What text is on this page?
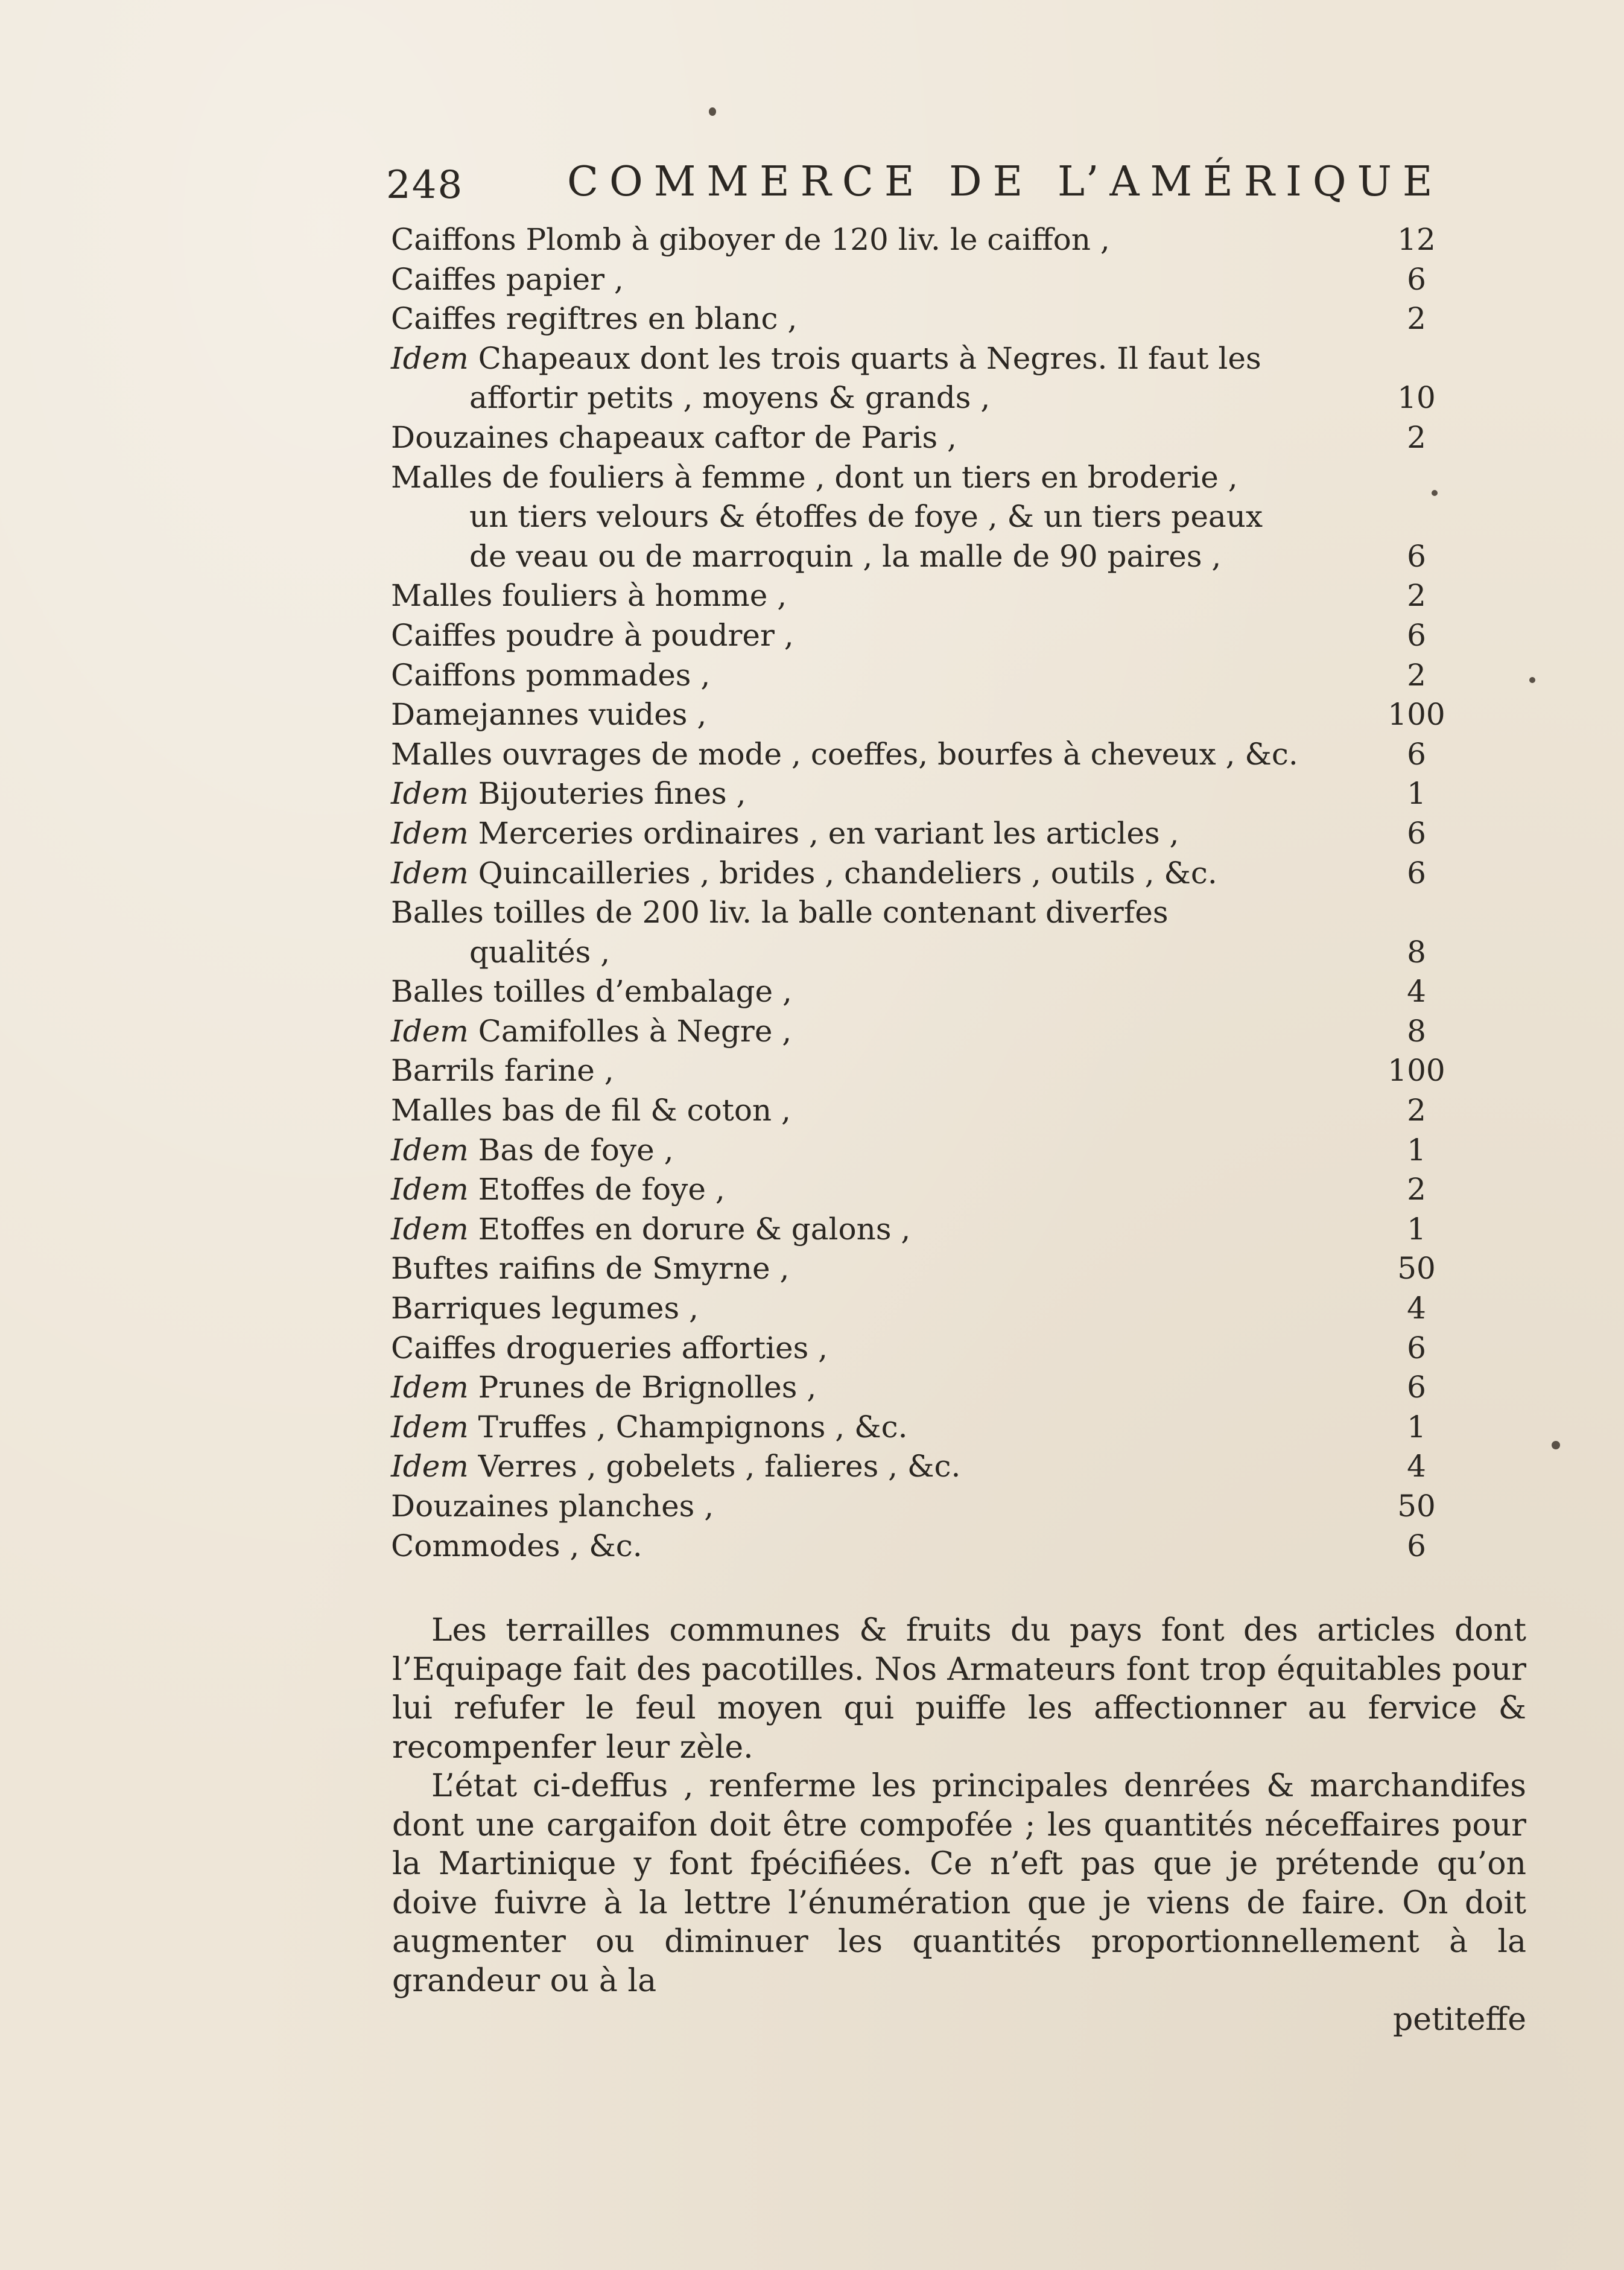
248	COMMERCE DE L’AMÉRIQUE
Caiffons Plomb à giboyer de 120 liv. le caiffon ,	12
Caiffes papier ,	6
Caiffes regiftres en blanc ,	2
Idem Chapeaux dont les trois quarts à Negres. Il faut les
affortir petits , moyens & grands ,	10
Douzaines chapeaux caftor de Paris ,	2
Malles de fouliers à femme , dont un tiers en broderie ,
un tiers velours & étoffes de foye , & un tiers peaux
de veau ou de marroquin , la malle de 90 paires ,	6
Malles fouliers à homme ,	2
Caiffes poudre à poudrer ,	6
Caiffons pommades ,	2
Damejannes vuides ,	100
Malles ouvrages de mode , coeffes, bourfes à cheveux , &c.	6
Idem Bijouteries fines ,	1
Idem Merceries ordinaires , en variant les articles ,	6
Idem Quincailleries , brides , chandeliers , outils , &c.	6
Balles toilles de 200 liv. la balle contenant diverfes
qualités ,	8
Balles toilles d’embalage ,	4
Idem Camifolles à Negre ,	8
Barrils farine ,	100
Malles bas de fil & coton ,	2
Idem Bas de foye ,	1
Idem Etoffes de foye ,	2
Idem Etoffes en dorure & galons ,	1
Buftes raifins de Smyrne ,	50
Barriques legumes ,	4
Caiffes drogueries afforties ,	6
Idem Prunes de Brignolles ,	6
Idem Truffes , Champignons , &c.	1
Idem Verres , gobelets , falieres , &c.	4
Douzaines planches ,	50
Commodes , &c.	6

Les terrailles communes & fruits du pays font des articles dont l’Equipage fait des pacotilles. Nos Armateurs font trop équitables pour lui refufer le feul moyen qui puiffe les affectionner au fervice & recompenfer leur zèle.

L’état ci-deffus , renferme les principales denrées & marchandifes dont une cargaifon doit être compofée ; les quantités néceffaires pour la Martinique y font fpécifiées. Ce n’eft pas que je prétende qu’on doive fuivre à la lettre l’énumération que je viens de faire. On doit augmenter ou diminuer les quantités proportionnellement à la grandeur ou à la

petiteffe
